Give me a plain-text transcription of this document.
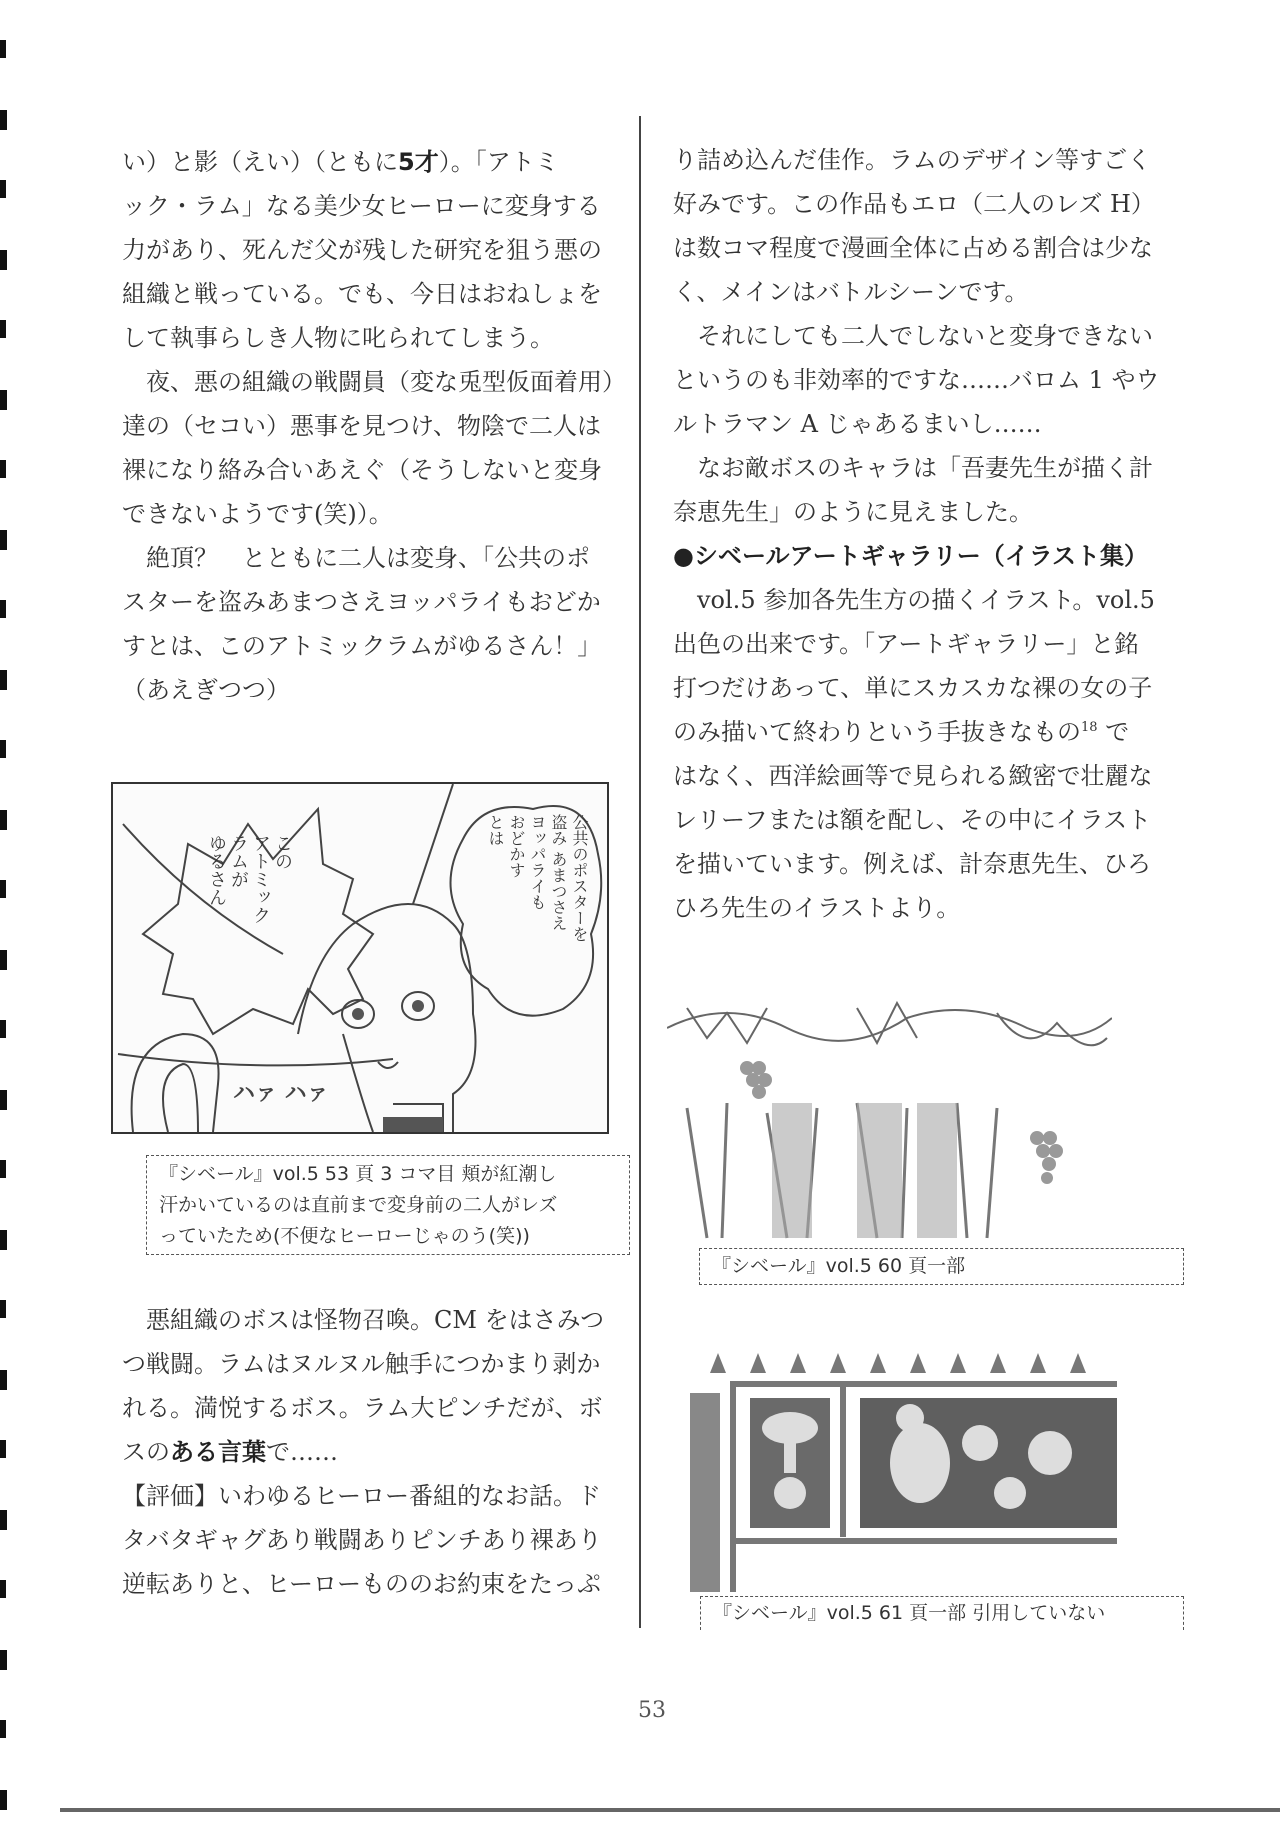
い）と影（えい）（ともに5才）。「アトミ
ック・ラム」なる美少女ヒーローに変身する
力があり、死んだ父が残した研究を狙う悪の
組織と戦っている。でも、今日はおねしょを
して執事らしき人物に叱られてしまう。
夜、悪の組織の戦闘員（変な兎型仮面着用）
達の（セコい）悪事を見つけ、物陰で二人は
裸になり絡み合いあえぐ（そうしないと変身
できないようです(笑)）。
絶頂？　とともに二人は変身、「公共のポ
スターを盗みあまつさえヨッパライもおどか
すとは、このアトミックラムがゆるさん！」
（あえぎつつ）
この
アトミック
ラムが
ゆるさん	公共のポスターを
盗み あまつさえ
ヨッパライも
おどかす
とは
ハァ ハァ
『シベール』vol.5 53 頁 3 コマ目 頬が紅潮し
汗かいているのは直前まで変身前の二人がレズ
っていたため(不便なヒーローじゃのう(笑))
悪組織のボスは怪物召喚。CM をはさみつ
つ戦闘。ラムはヌルヌル触手につかまり剥か
れる。満悦するボス。ラム大ピンチだが、ボ
スのある言葉で……
【評価】いわゆるヒーロー番組的なお話。ド
タバタギャグあり戦闘ありピンチあり裸あり
逆転ありと、ヒーローもののお約束をたっぷ
り詰め込んだ佳作。ラムのデザイン等すごく
好みです。この作品もエロ（二人のレズ H）
は数コマ程度で漫画全体に占める割合は少な
く、メインはバトルシーンです。
それにしても二人でしないと変身できない
というのも非効率的ですな……バロム 1 やウ
ルトラマン A じゃあるまいし……
なお敵ボスのキャラは「吾妻先生が描く計
奈恵先生」のように見えました。
●シベールアートギャラリー（イラスト集）
vol.5 参加各先生方の描くイラスト。vol.5
出色の出来です。「アートギャラリー」と銘
打つだけあって、単にスカスカな裸の女の子
のみ描いて終わりという手抜きなもの$^{18}$ で
はなく、西洋絵画等で見られる緻密で壮麗な
レリーフまたは額を配し、その中にイラスト
を描いています。例えば、計奈恵先生、ひろ
ひろ先生のイラストより。
『シベール』vol.5 60 頁一部
『シベール』vol.5 61 頁一部 引用していない
53
